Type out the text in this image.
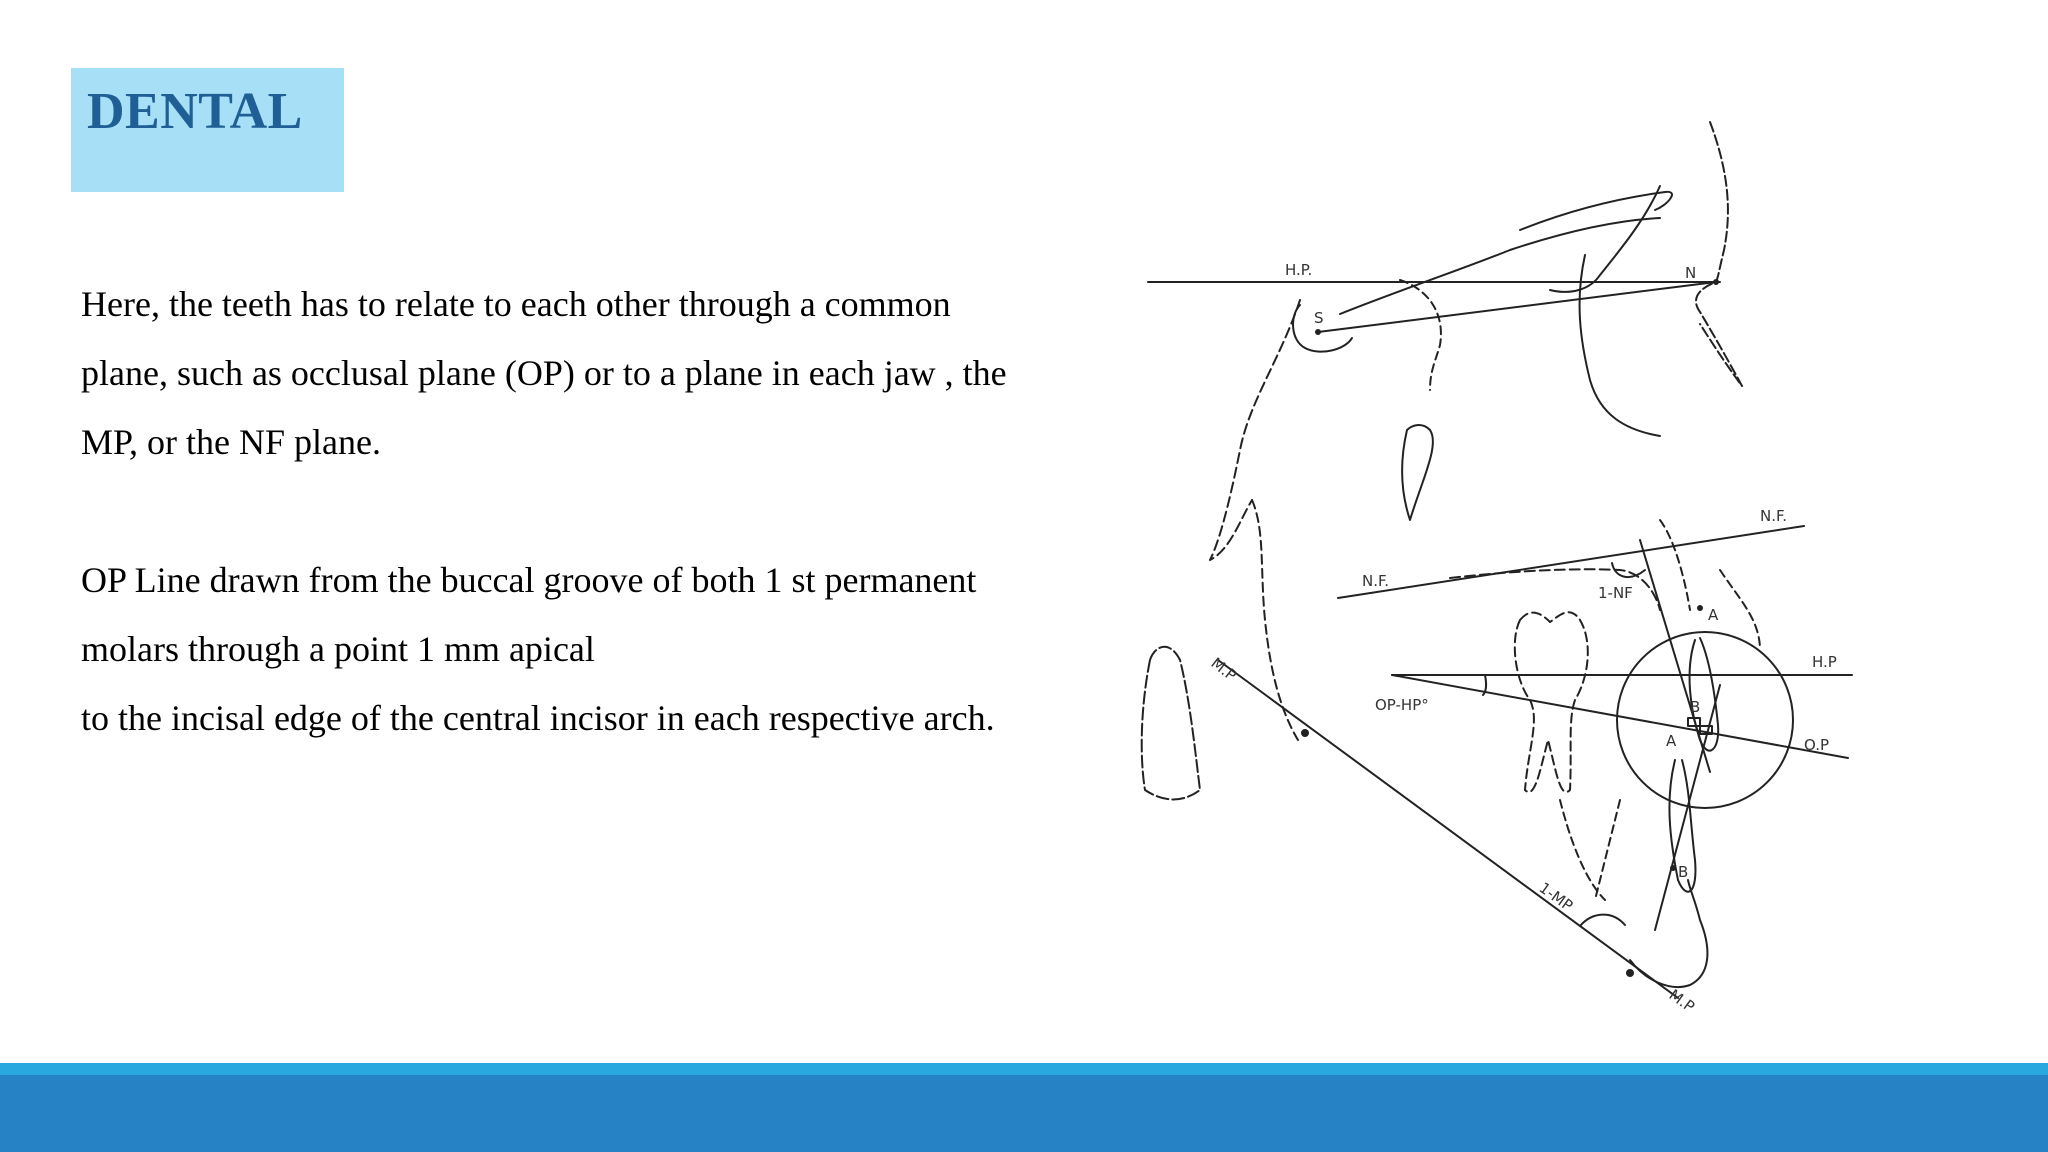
DENTAL

Here, the teeth has to relate to each other through a common

plane, such as occlusal plane (OP) or to a plane in each jaw , the

MP, or the NF plane.

OP Line drawn from the buccal groove of both 1 st permanent

molars through a point 1 mm apical

to the incisal edge of the central incisor in each respective arch.

H.P.
S
N
N.F.
N.F.
1-NF
A
H.P
M.P
OP-HP°	B
A	O.P
B
1-MP
M.P
